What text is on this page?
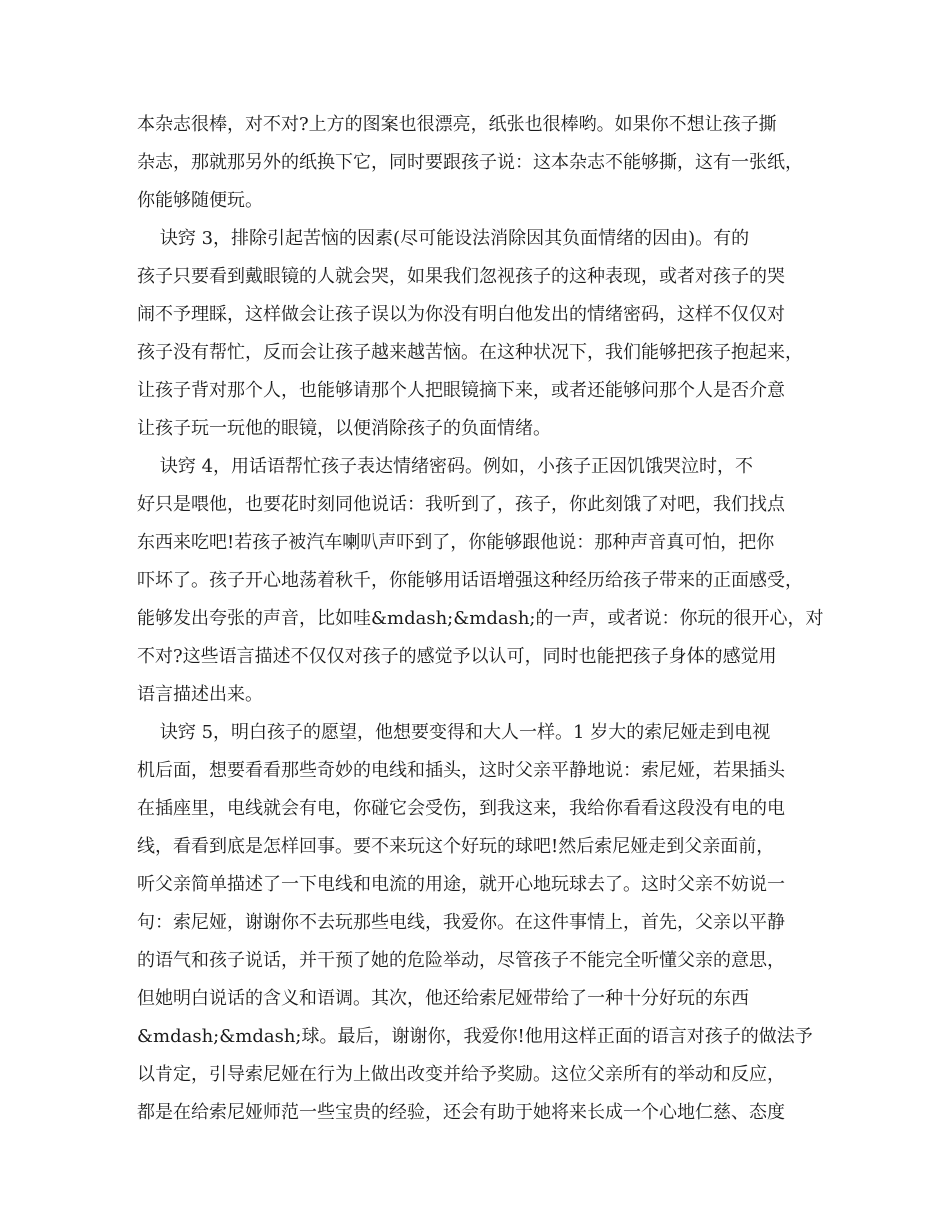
本杂志很棒，对不对?上方的图案也很漂亮，纸张也很棒哟。如果你不想让孩子撕
杂志，那就那另外的纸换下它，同时要跟孩子说：这本杂志不能够撕，这有一张纸，
你能够随便玩。
诀窍 3，排除引起苦恼的因素(尽可能设法消除因其负面情绪的因由)。有的
孩子只要看到戴眼镜的人就会哭，如果我们忽视孩子的这种表现，或者对孩子的哭
闹不予理睬，这样做会让孩子误以为你没有明白他发出的情绪密码，这样不仅仅对
孩子没有帮忙，反而会让孩子越来越苦恼。在这种状况下，我们能够把孩子抱起来，
让孩子背对那个人，也能够请那个人把眼镜摘下来，或者还能够问那个人是否介意
让孩子玩一玩他的眼镜，以便消除孩子的负面情绪。
诀窍 4，用话语帮忙孩子表达情绪密码。例如，小孩子正因饥饿哭泣时，不
好只是喂他，也要花时刻同他说话：我听到了，孩子，你此刻饿了对吧，我们找点
东西来吃吧!若孩子被汽车喇叭声吓到了，你能够跟他说：那种声音真可怕，把你
吓坏了。孩子开心地荡着秋千，你能够用话语增强这种经历给孩子带来的正面感受，
能够发出夸张的声音，比如哇&mdash;&mdash;的一声，或者说：你玩的很开心，对
不对?这些语言描述不仅仅对孩子的感觉予以认可，同时也能把孩子身体的感觉用
语言描述出来。
诀窍 5，明白孩子的愿望，他想要变得和大人一样。1 岁大的索尼娅走到电视
机后面，想要看看那些奇妙的电线和插头，这时父亲平静地说：索尼娅，若果插头
在插座里，电线就会有电，你碰它会受伤，到我这来，我给你看看这段没有电的电
线，看看到底是怎样回事。要不来玩这个好玩的球吧!然后索尼娅走到父亲面前，
听父亲简单描述了一下电线和电流的用途，就开心地玩球去了。这时父亲不妨说一
句：索尼娅，谢谢你不去玩那些电线，我爱你。在这件事情上，首先，父亲以平静
的语气和孩子说话，并干预了她的危险举动，尽管孩子不能完全听懂父亲的意思，
但她明白说话的含义和语调。其次，他还给索尼娅带给了一种十分好玩的东西
&mdash;&mdash;球。最后，谢谢你，我爱你!他用这样正面的语言对孩子的做法予
以肯定，引导索尼娅在行为上做出改变并给予奖励。这位父亲所有的举动和反应，
都是在给索尼娅师范一些宝贵的经验，还会有助于她将来长成一个心地仁慈、态度
